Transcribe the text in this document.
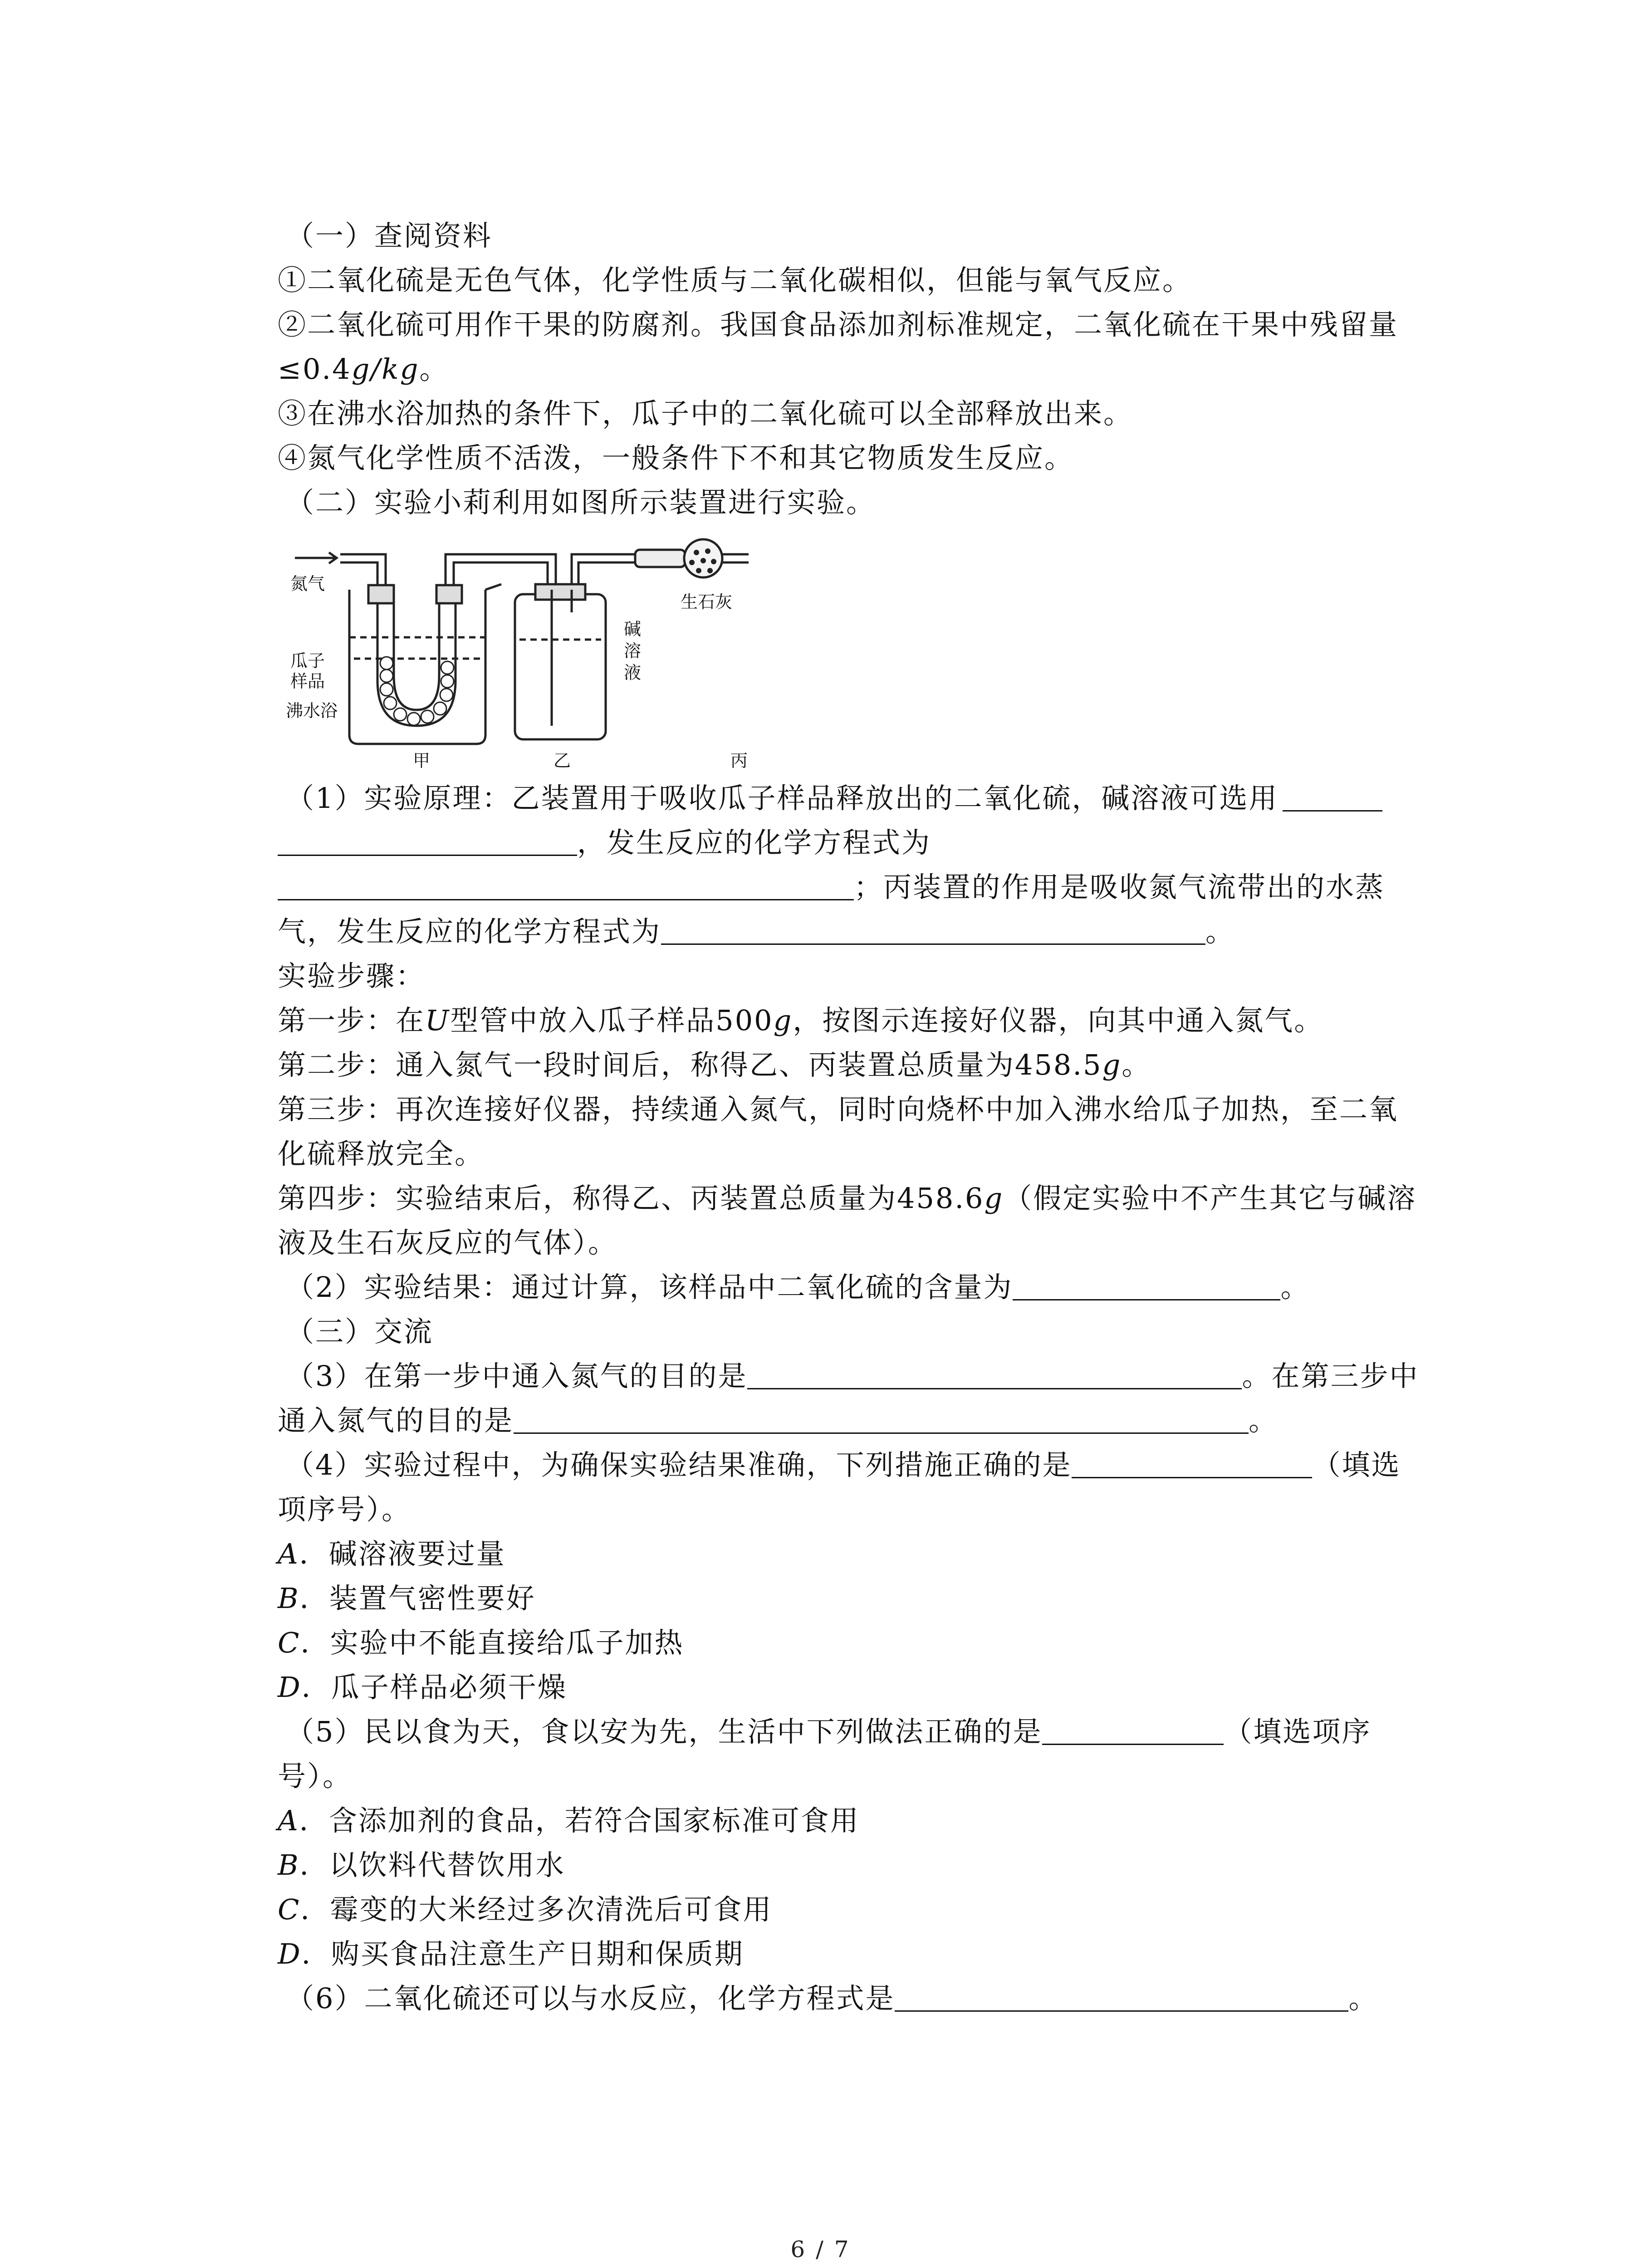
（一）查阅资料
①二氧化硫是无色气体，化学性质与二氧化碳相似，但能与氧气反应。
②二氧化硫可用作干果的防腐剂。我国食品添加剂标准规定，二氧化硫在干果中残留量
≤0.4g/kg。
③在沸水浴加热的条件下，瓜子中的二氧化硫可以全部释放出来。
④氮气化学性质不活泼，一般条件下不和其它物质发生反应。
（二）实验小莉利用如图所示装置进行实验。
氮气
瓜子
样品
沸水浴
碱
溶
液
生石灰
甲	乙	丙
（1）实验原理：乙装置用于吸收瓜子样品释放出的二氧化硫，碱溶液可选用
，发生反应的化学方程式为
；丙装置的作用是吸收氮气流带出的水蒸
气，发生反应的化学方程式为	。
实验步骤：
第一步：在U型管中放入瓜子样品500g，按图示连接好仪器，向其中通入氮气。
第二步：通入氮气一段时间后，称得乙、丙装置总质量为458.5g。
第三步：再次连接好仪器，持续通入氮气，同时向烧杯中加入沸水给瓜子加热，至二氧
化硫释放完全。
第四步：实验结束后，称得乙、丙装置总质量为458.6g（假定实验中不产生其它与碱溶
液及生石灰反应的气体）。
（2）实验结果：通过计算，该样品中二氧化硫的含量为	。
（三）交流
（3）在第一步中通入氮气的目的是	。在第三步中
通入氮气的目的是	。
（4）实验过程中，为确保实验结果准确，下列措施正确的是	（填选
项序号）。
A．碱溶液要过量
B．装置气密性要好
C．实验中不能直接给瓜子加热
D．瓜子样品必须干燥
（5）民以食为天，食以安为先，生活中下列做法正确的是	（填选项序
号）。
A．含添加剂的食品，若符合国家标准可食用
B．以饮料代替饮用水
C．霉变的大米经过多次清洗后可食用
D．购买食品注意生产日期和保质期
（6）二氧化硫还可以与水反应，化学方程式是	。
6 / 7
